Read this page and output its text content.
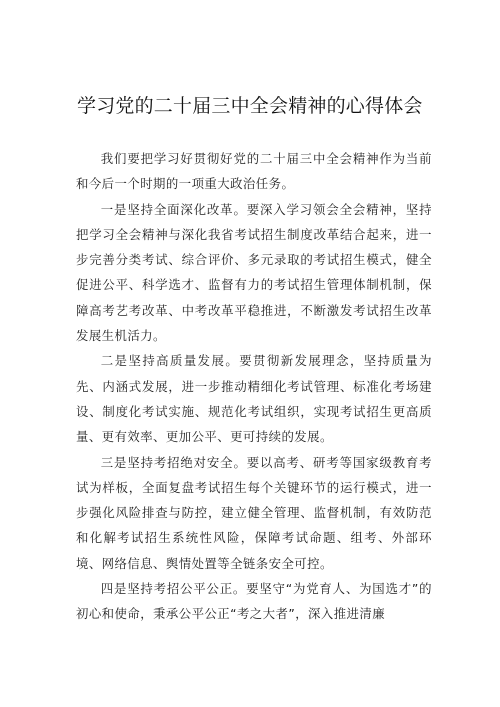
学习党的二十届三中全会精神的心得体会

我们要把学习好贯彻好党的二十届三中全会精神作为当前和今后一个时期的一项重大政治任务。

一是坚持全面深化改革。要深入学习领会全会精神，坚持把学习全会精神与深化我省考试招生制度改革结合起来，进一步完善分类考试、综合评价、多元录取的考试招生模式，健全促进公平、科学选才、监督有力的考试招生管理体制机制，保障高考艺考改革、中考改革平稳推进，不断激发考试招生改革发展生机活力。

二是坚持高质量发展。要贯彻新发展理念，坚持质量为先、内涵式发展，进一步推动精细化考试管理、标准化考场建设、制度化考试实施、规范化考试组织，实现考试招生更高质量、更有效率、更加公平、更可持续的发展。

三是坚持考招绝对安全。要以高考、研考等国家级教育考试为样板，全面复盘考试招生每个关键环节的运行模式，进一步强化风险排查与防控，建立健全管理、监督机制，有效防范和化解考试招生系统性风险，保障考试命题、组考、外部环境、网络信息、舆情处置等全链条安全可控。

四是坚持考招公平公正。要坚守“为党育人、为国选才”的初心和使命，秉承公平公正“考之大者”，深入推进清廉
